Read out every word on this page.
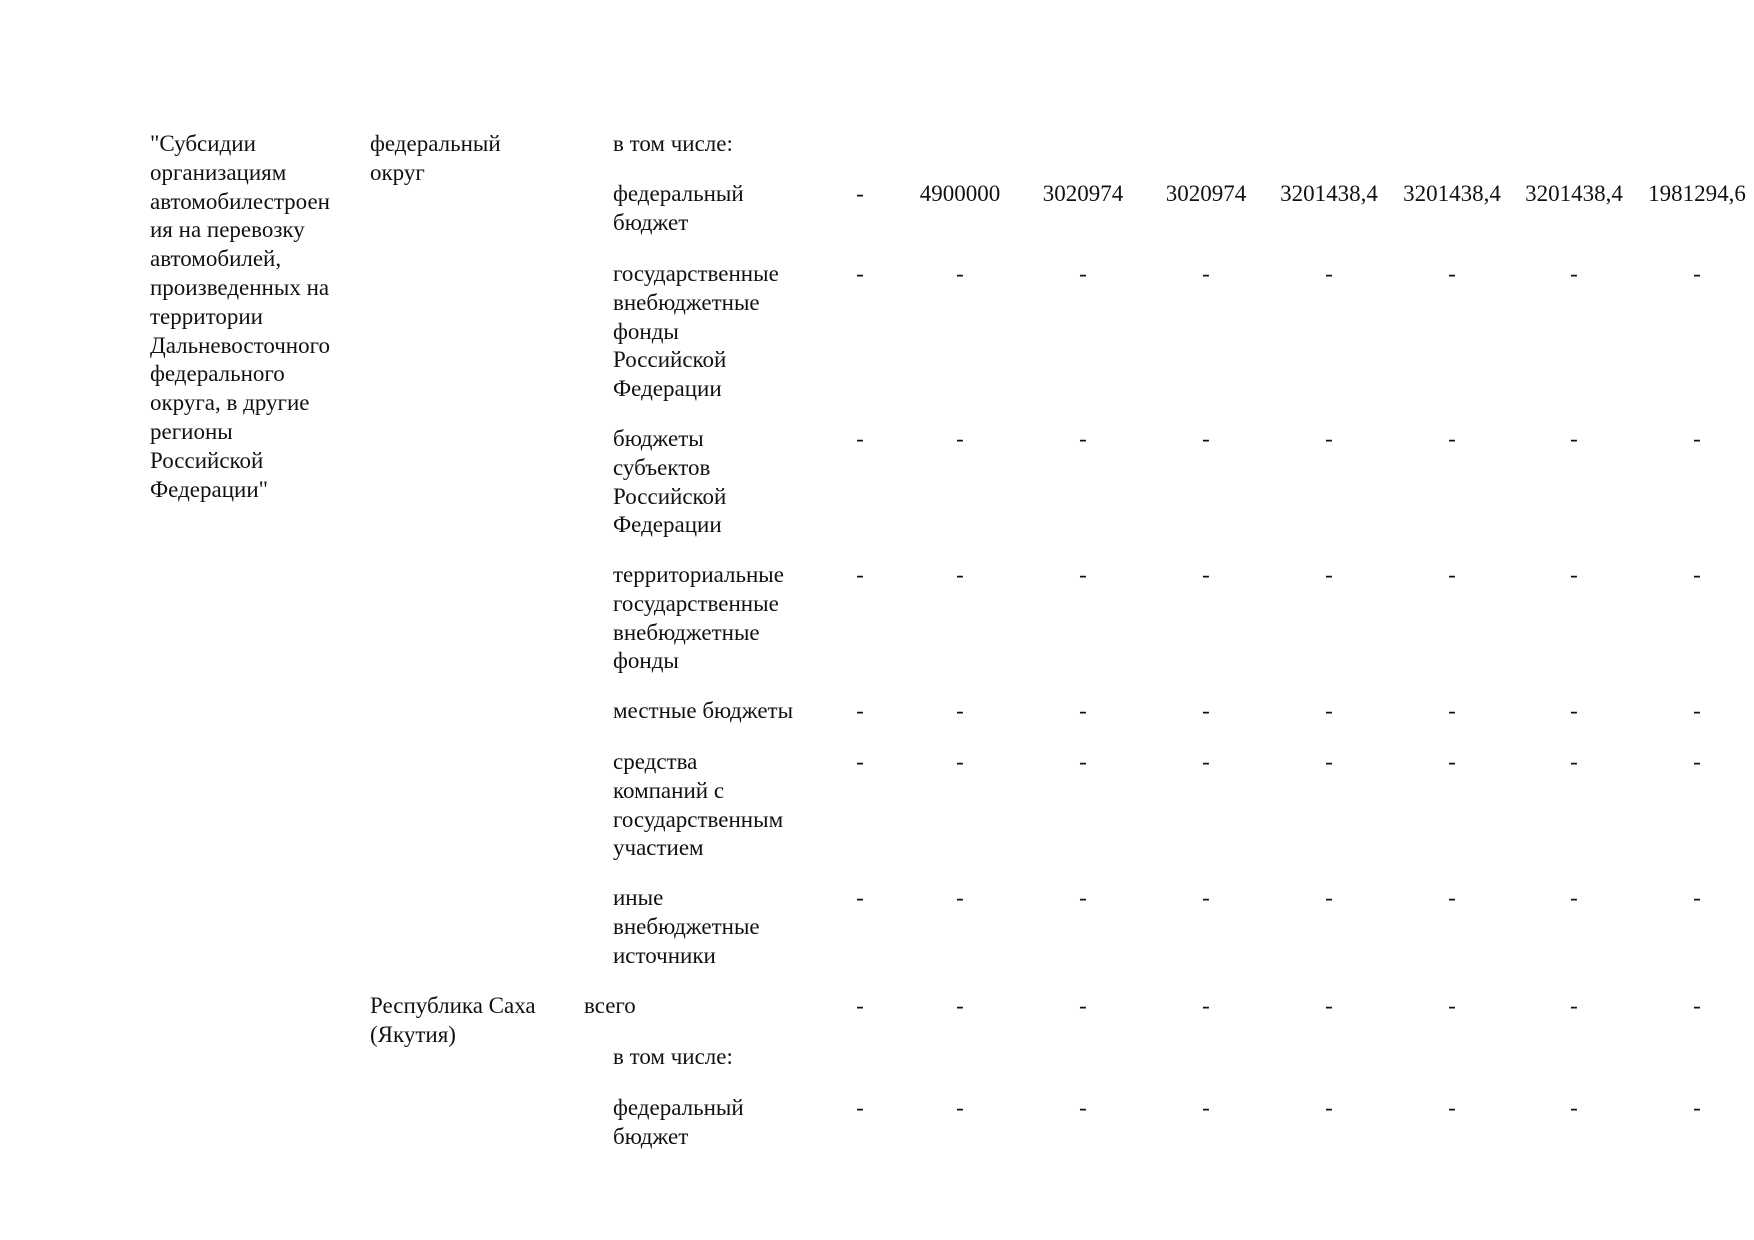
"Субсидии
организациям
автомобилестроен
ия на перевозку
автомобилей,
произведенных на
территории
Дальневосточного
федерального
округа, в другие
регионы
Российской
Федерации"
федеральный
округ
в том числе:
федеральный
бюджет
-	4900000	3020974	3020974	3201438,4	3201438,4	3201438,4	1981294,6
государственные
внебюджетные
фонды
Российской
Федерации
-	-	-	-	-	-	-	-
бюджеты
субъектов
Российской
Федерации
-	-	-	-	-	-	-	-
территориальные
государственные
внебюджетные
фонды
-	-	-	-	-	-	-	-
местные бюджеты	-	-	-	-	-	-	-	-
средства
компаний с
государственным
участием
-	-	-	-	-	-	-	-
иные
внебюджетные
источники
-	-	-	-	-	-	-	-
Республика Саха
(Якутия)
всего	-	-	-	-	-	-	-	-
в том числе:
федеральный
бюджет
-	-	-	-	-	-	-	-
